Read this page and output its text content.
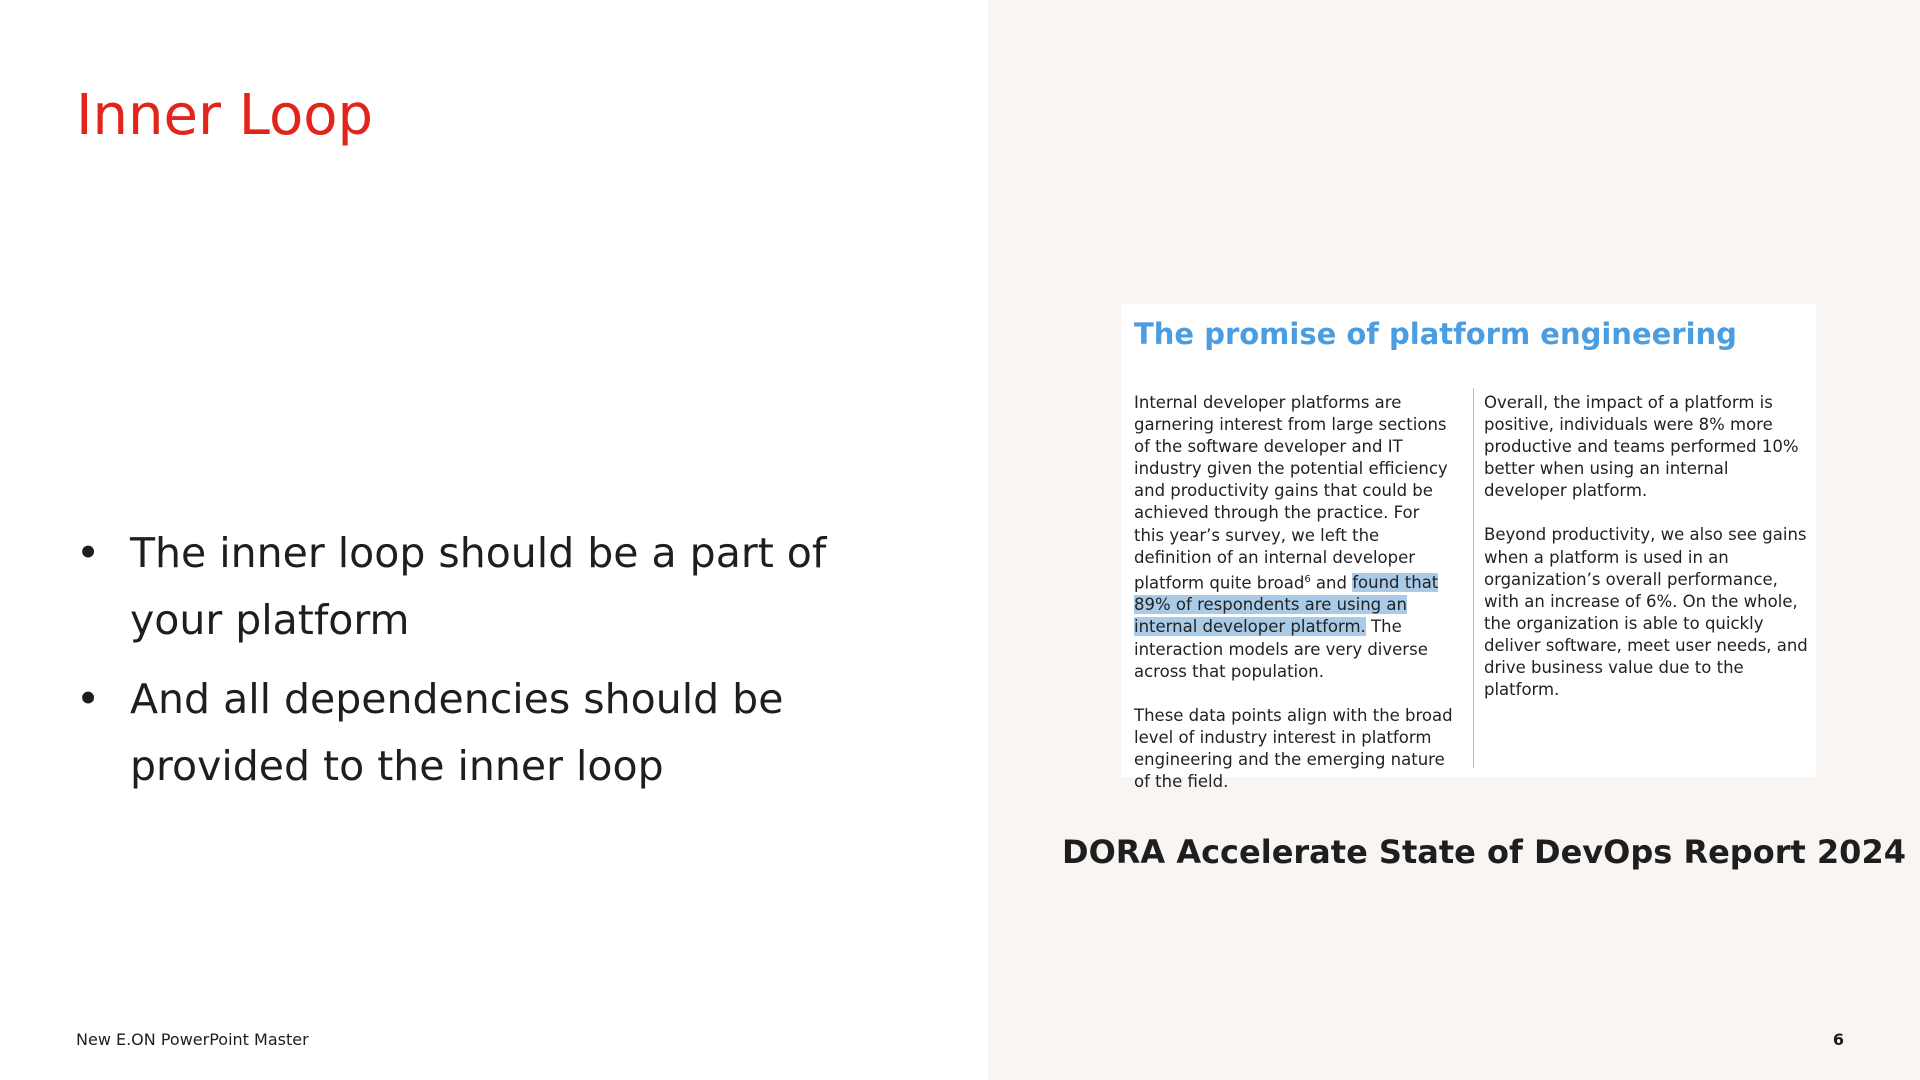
Inner Loop
• The inner loop should be a part of your platform
• And all dependencies should be provided to the inner loop
The promise of platform engineering

Internal developer platforms are garnering interest from large sections of the software developer and IT industry given the potential efficiency and productivity gains that could be achieved through the practice. For this year’s survey, we left the definition of an internal developer platform quite broad$^6$ and found that 89% of respondents are using an internal developer platform. The interaction models are very diverse across that population.

These data points align with the broad level of industry interest in platform engineering and the emerging nature of the field.

Overall, the impact of a platform is positive, individuals were 8% more productive and teams performed 10% better when using an internal developer platform.

Beyond productivity, we also see gains when a platform is used in an organization’s overall performance, with an increase of 6%. On the whole, the organization is able to quickly deliver software, meet user needs, and drive business value due to the platform.

DORA Accelerate State of DevOps Report 2024
New E.ON PowerPoint Master	6
